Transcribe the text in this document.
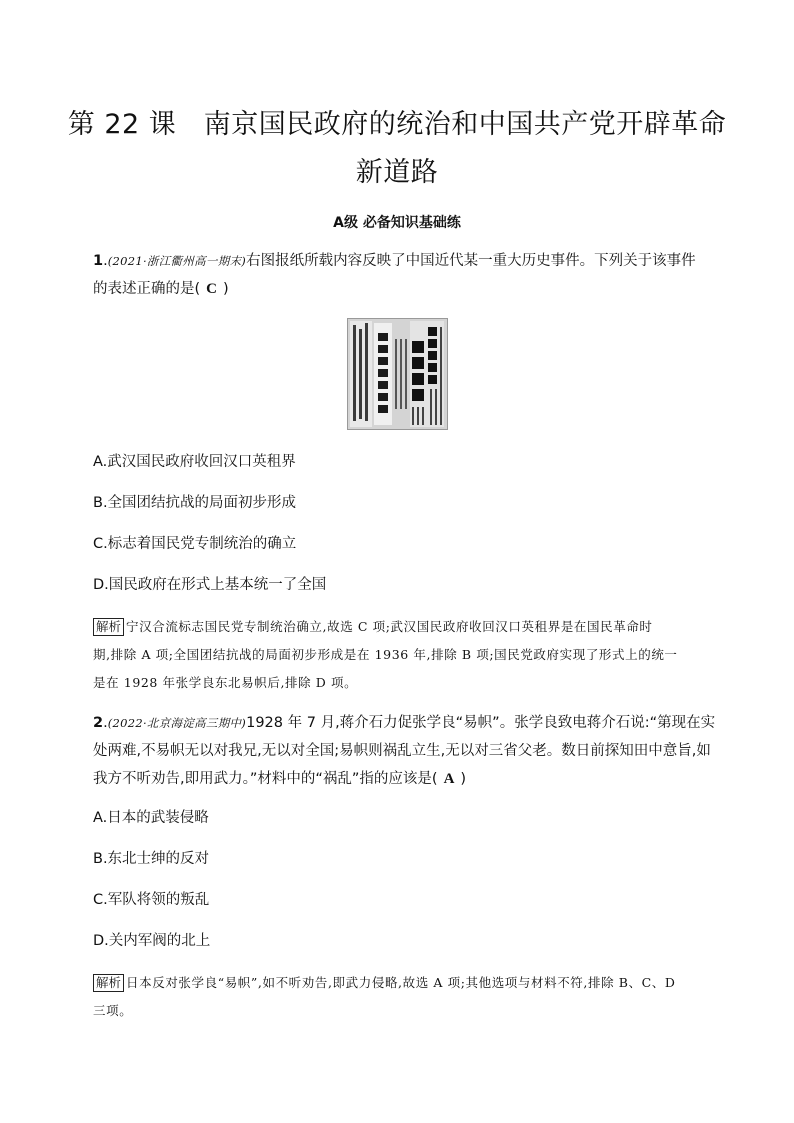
第 22 课　南京国民政府的统治和中国共产党开辟革命
新道路
A级 必备知识基础练
1.(2021·浙江衢州高一期末)右图报纸所载内容反映了中国近代某一重大历史事件。下列关于该事件
的表述正确的是( C )
A.武汉国民政府收回汉口英租界
B.全国团结抗战的局面初步形成
C.标志着国民党专制统治的确立
D.国民政府在形式上基本统一了全国
解析 宁汉合流标志国民党专制统治确立,故选 C 项;武汉国民政府收回汉口英租界是在国民革命时
期,排除 A 项;全国团结抗战的局面初步形成是在 1936 年,排除 B 项;国民党政府实现了形式上的统一
是在 1928 年张学良东北易帜后,排除 D 项。
2.(2022·北京海淀高三期中)1928 年 7 月,蒋介石力促张学良“易帜”。张学良致电蒋介石说:“第现在实
处两难,不易帜无以对我兄,无以对全国;易帜则祸乱立生,无以对三省父老。数日前探知田中意旨,如
我方不听劝告,即用武力。”材料中的“祸乱”指的应该是( A )
A.日本的武装侵略
B.东北士绅的反对
C.军队将领的叛乱
D.关内军阀的北上
解析 日本反对张学良“易帜”,如不听劝告,即武力侵略,故选 A 项;其他选项与材料不符,排除 B、C、D
三项。
